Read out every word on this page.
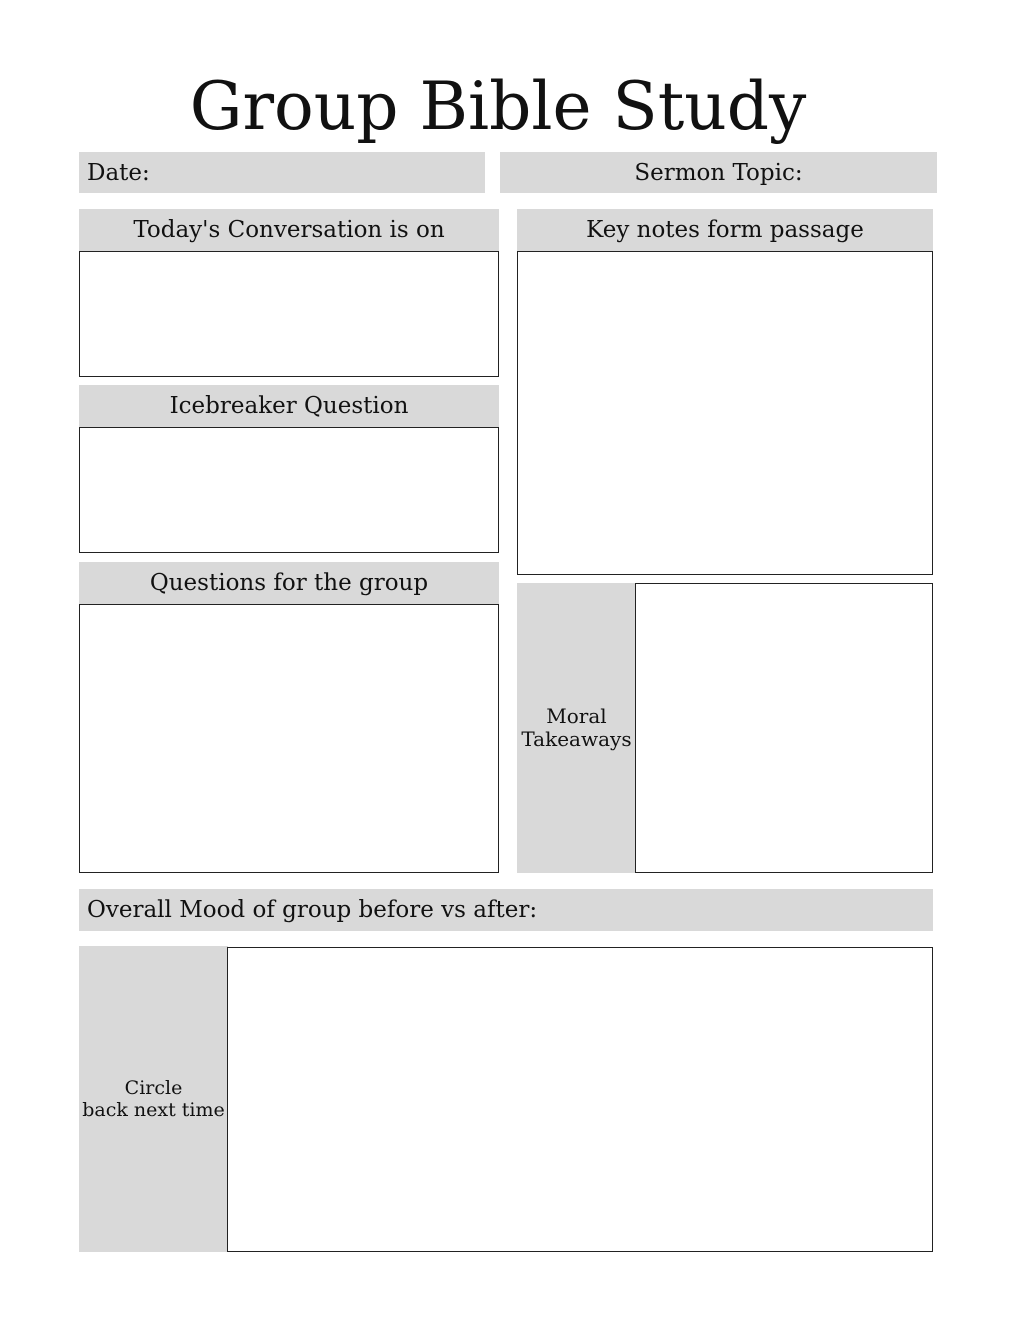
Group Bible Study
Date:	Sermon Topic:
Today's Conversation is on
Icebreaker Question
Questions for the group
Key notes form passage
Moral
Takeaways
Overall Mood of group before vs after:
Circle
back next time
